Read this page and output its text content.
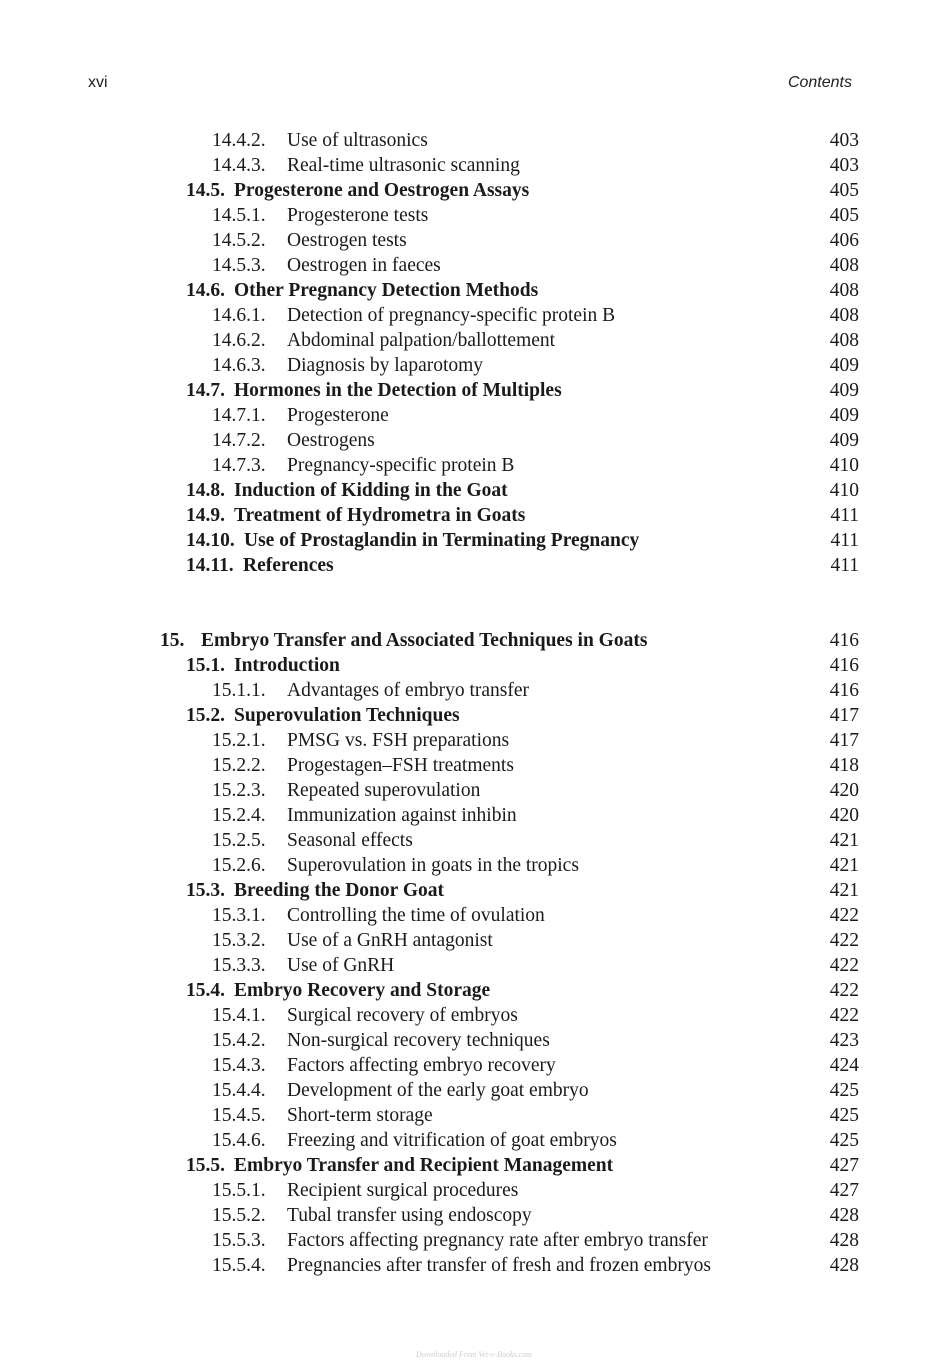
xvi	Contents
14.4.2. Use of ultrasonics	403
14.4.3. Real-time ultrasonic scanning	403
14.5. Progesterone and Oestrogen Assays	405
14.5.1. Progesterone tests	405
14.5.2. Oestrogen tests	406
14.5.3. Oestrogen in faeces	408
14.6. Other Pregnancy Detection Methods	408
14.6.1. Detection of pregnancy-specific protein B	408
14.6.2. Abdominal palpation/ballottement	408
14.6.3. Diagnosis by laparotomy	409
14.7. Hormones in the Detection of Multiples	409
14.7.1. Progesterone	409
14.7.2. Oestrogens	409
14.7.3. Pregnancy-specific protein B	410
14.8. Induction of Kidding in the Goat	410
14.9. Treatment of Hydrometra in Goats	411
14.10. Use of Prostaglandin in Terminating Pregnancy	411
14.11. References	411
15. Embryo Transfer and Associated Techniques in Goats	416
15.1. Introduction	416
15.1.1. Advantages of embryo transfer	416
15.2. Superovulation Techniques	417
15.2.1. PMSG vs. FSH preparations	417
15.2.2. Progestagen–FSH treatments	418
15.2.3. Repeated superovulation	420
15.2.4. Immunization against inhibin	420
15.2.5. Seasonal effects	421
15.2.6. Superovulation in goats in the tropics	421
15.3. Breeding the Donor Goat	421
15.3.1. Controlling the time of ovulation	422
15.3.2. Use of a GnRH antagonist	422
15.3.3. Use of GnRH	422
15.4. Embryo Recovery and Storage	422
15.4.1. Surgical recovery of embryos	422
15.4.2. Non-surgical recovery techniques	423
15.4.3. Factors affecting embryo recovery	424
15.4.4. Development of the early goat embryo	425
15.4.5. Short-term storage	425
15.4.6. Freezing and vitrification of goat embryos	425
15.5. Embryo Transfer and Recipient Management	427
15.5.1. Recipient surgical procedures	427
15.5.2. Tubal transfer using endoscopy	428
15.5.3. Factors affecting pregnancy rate after embryo transfer	428
15.5.4. Pregnancies after transfer of fresh and frozen embryos	428
Downloaded From Vet-e-Books.com
